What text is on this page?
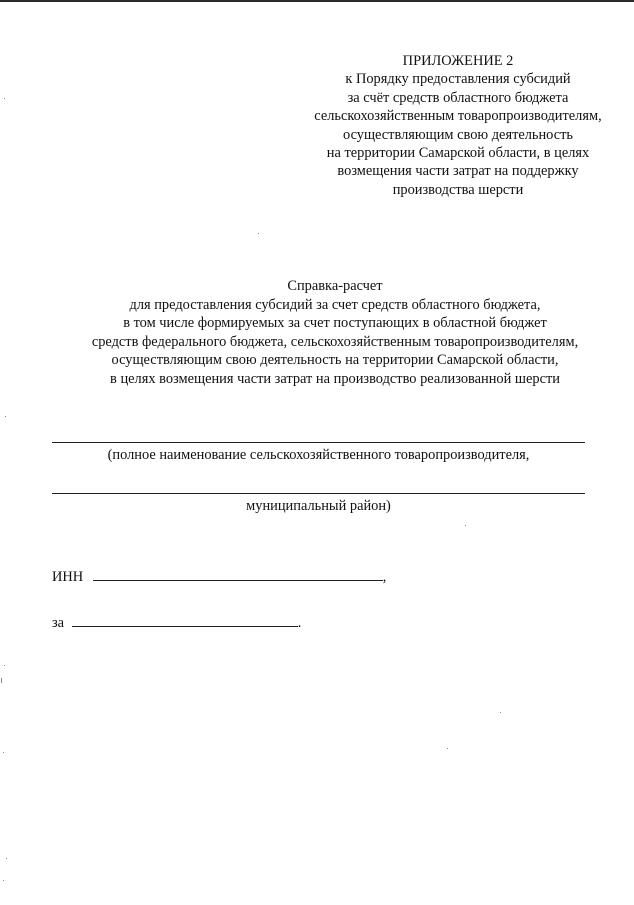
ПРИЛОЖЕНИЕ 2
к Порядку предоставления субсидий
за счёт средств областного бюджета
сельскохозяйственным товаропроизводителям,
осуществляющим свою деятельность
на территории Самарской области, в целях
возмещения части затрат на поддержку
производства шерсти
Справка-расчет
для предоставления субсидий за счет средств областного бюджета,
в том числе формируемых за счет поступающих в областной бюджет
средств федерального бюджета, сельскохозяйственным товаропроизводителям,
осуществляющим свою деятельность на территории Самарской области,
в целях возмещения части затрат на производство реализованной шерсти
(полное наименование сельскохозяйственного товаропроизводителя,
муниципальный район)
ИНН	,
за	.
